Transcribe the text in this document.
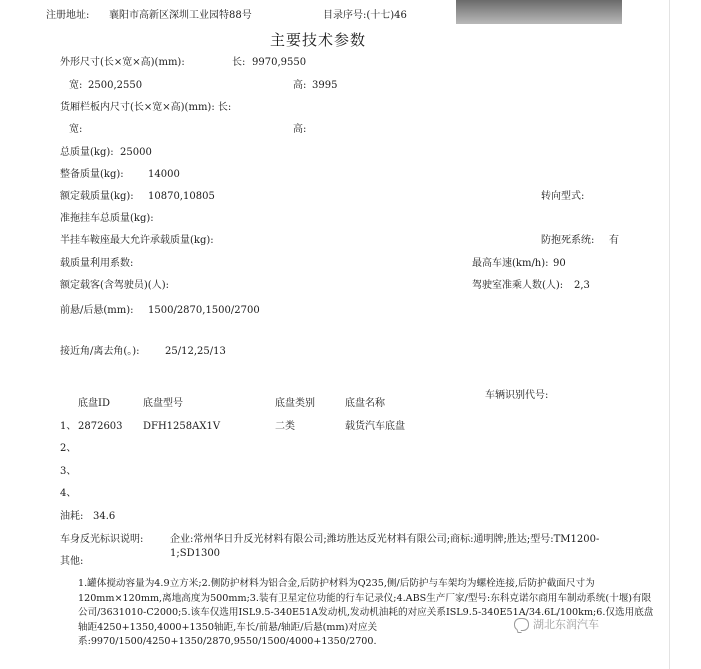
注册地址: 襄阳市高新区深圳工业园特88号	目录序号:(十七)46
主要技术参数
外形尺寸(长×宽×高)(mm):	长: 9970,9550
宽: 2500,2550	高: 3995
货厢栏板内尺寸(长×宽×高)(mm): 长:
宽:	高:
总质量(kg): 25000
整备质量(kg): 14000
额定载质量(kg): 10870,10805	转向型式:
准拖挂车总质量(kg):
半挂车鞍座最大允许承载质量(kg):	防抱死系统: 有
载质量利用系数:	最高车速(km/h): 90
额定载客(含驾驶员)(人):	驾驶室准乘人数(人): 2,3
前悬/后悬(mm): 1500/2870,1500/2700
接近角/离去角(。):	25/12,25/13
车辆识别代号:
底盘ID	底盘型号	底盘类别	底盘名称
1、 2872603 DFH1258AX1V	二类	载货汽车底盘
2、
3、
4、
油耗: 34.6
车身反光标识说明:	企业:常州华日升反光材料有限公司;潍坊胜达反光材料有限公司;商标:通明牌;胜达;型号:TM1200-
1;SD1300
其他:
1.罐体搅动容量为4.9立方米;2.侧防护材料为铝合金,后防护材料为Q235,侧/后防护与车架均为螺栓连接,后防护截面尺寸为120mm×120mm,离地高度为500mm;3.装有卫星定位功能的行车记录仪;4.ABS生产厂家/型号:东科克诺尔商用车制动系统(十堰)有限公司/3631010-C2000;5.该车仅选用ISL9.5-340E51A发动机,发动机油耗的对应关系ISL9.5-340E51A/34.6L/100km;6.仅选用底盘轴距4250+1350,4000+1350轴距,车长/前悬/轴距/后悬(mm)对应关系:9970/1500/4250+1350/2870,9550/1500/4000+1350/2700.
湖北东润汽车
